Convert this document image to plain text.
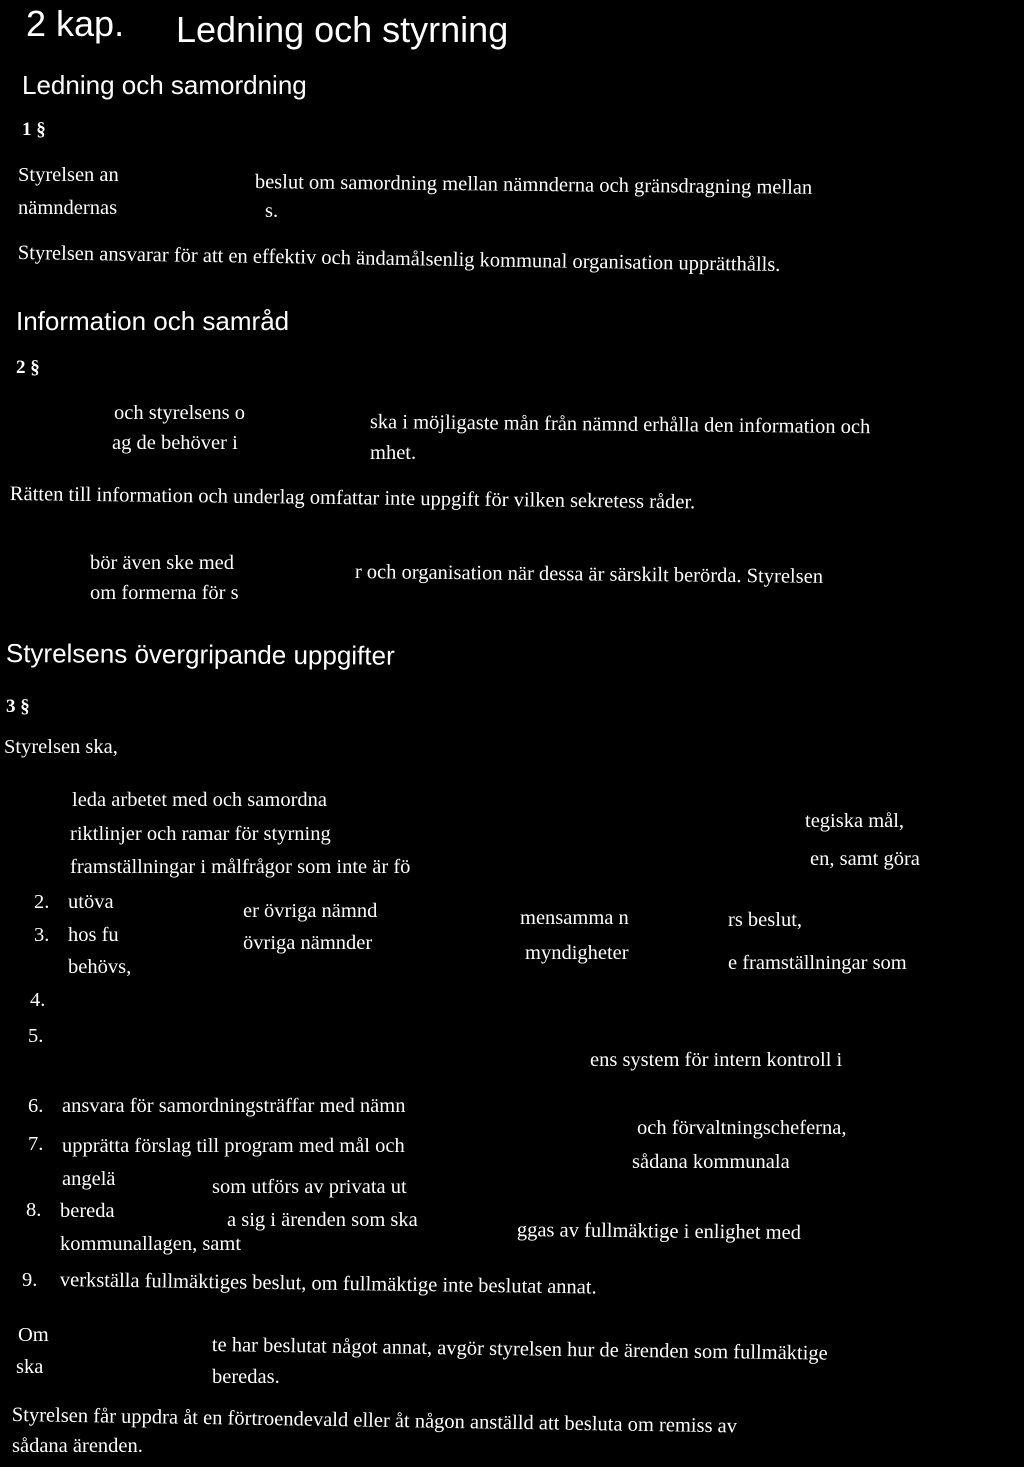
2 kap. Ledning och styrning
Ledning och samordning
1 §
Styrelsen an	beslut om samordning mellan nämnderna och gränsdragning mellan
nämndernas	s.
Styrelsen ansvarar för att en effektiv och ändamålsenlig kommunal organisation upprätthålls.
Information och samråd
2 §
och styrelsens o	ska i möjligaste mån från nämnd erhålla den information och
ag de behöver i	mhet.
Rätten till information och underlag omfattar inte uppgift för vilken sekretess råder.
bör även ske med	r och organisation när dessa är särskilt berörda. Styrelsen
om formerna för s
Styrelsens övergripande uppgifter
3 §
Styrelsen ska,
leda arbetet med och samordna
tegiska mål,
riktlinjer och ramar för styrning
en, samt göra
framställningar i målfrågor som inte är fö
2. utöva	er övriga nämnd	mensamma n	rs beslut,
3. hos fu	övriga nämnder	myndigheter	e framställningar som
behövs,
4.
5.
ens system för intern kontroll i
6. ansvara för samordningsträffar med nämn
och förvaltningscheferna,
7. upprätta förslag till program med mål och
sådana kommunala
angelä	som utförs av privata ut
8. bereda	a sig i ärenden som ska	ggas av fullmäktige i enlighet med
kommunallagen, samt
9. verkställa fullmäktiges beslut, om fullmäktige inte beslutat annat.
Om	te har beslutat något annat, avgör styrelsen hur de ärenden som fullmäktige
ska	beredas.
Styrelsen får uppdra åt en förtroendevald eller åt någon anställd att besluta om remiss av
sådana ärenden.
